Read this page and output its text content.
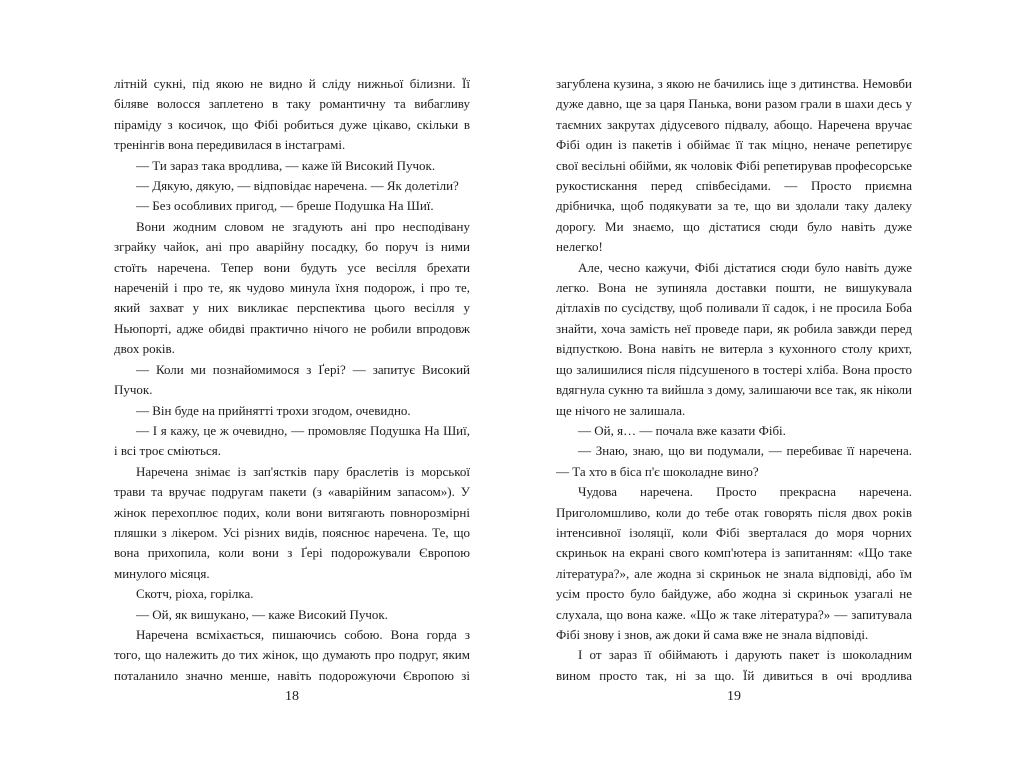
літній сукні, під якою не видно й сліду нижньої білизни. Її біляве волосся заплетено в таку романтичну та вибагливу піраміду з косичок, що Фібі робиться дуже цікаво, скільки в тренінгів вона передивилася в інстаграмі.

— Ти зараз така вродлива, — каже їй Високий Пучок.

— Дякую, дякую, — відповідає наречена. — Як долетіли?

— Без особливих пригод, — бреше Подушка На Шиї.

Вони жодним словом не згадують ані про несподівану зграйку чайок, ані про аварійну посадку, бо поруч із ними стоїть наречена. Тепер вони будуть усе весілля брехати нареченій і про те, як чудово минула їхня подорож, і про те, який захват у них викликає перспектива цього весілля у Ньюпорті, адже обидві практично нічого не робили впродовж двох років.

— Коли ми познайомимося з Ґері? — запитує Високий Пучок.

— Він буде на прийнятті трохи згодом, очевидно.

— І я кажу, це ж очевидно, — промовляє Подушка На Шиї, і всі троє сміються.

Наречена знімає із зап'ястків пару браслетів із морської трави та вручає подругам пакети (з «аварійним запасом»). У жінок перехоплює подих, коли вони витягають повнорозмірні пляшки з лікером. Усі різних видів, пояснює наречена. Те, що вона прихопила, коли вони з Ґері подорожували Європою минулого місяця.

Скотч, ріоха, горілка.

— Ой, як вишукано, — каже Високий Пучок.

Наречена всміхається, пишаючись собою. Вона горда з того, що належить до тих жінок, що думають про подруг, яким поталанило значно менше, навіть подорожуючи Європою зі

18

загублена кузина, з якою не бачились іще з дитинства. Немовби дуже давно, ще за царя Панька, вони разом грали в шахи десь у таємних закрутах дідусевого підвалу, абощо. Наречена вручає Фібі один із пакетів і обіймає її так міцно, неначе репетирує свої весільні обійми, як чоловік Фібі репетирував професорське рукостискання перед співбесідами. — Просто приємна дрібничка, щоб подякувати за те, що ви здолали таку далеку дорогу. Ми знаємо, що дістатися сюди було навіть дуже нелегко!

Але, чесно кажучи, Фібі дістатися сюди було навіть дуже легко. Вона не зупиняла доставки пошти, не вишукувала дітлахів по сусідству, щоб поливали її садок, і не просила Боба знайти, хоча замість неї проведе пари, як робила завжди перед відпусткою. Вона навіть не витерла з кухонного столу крихт, що залишилися після підсушеного в тостері хліба. Вона просто вдягнула сукню та вийшла з дому, залишаючи все так, як ніколи ще нічого не залишала.

— Ой, я… — почала вже казати Фібі.

— Знаю, знаю, що ви подумали, — перебиває її наречена. — Та хто в біса п'є шоколадне вино?

Чудова наречена. Просто прекрасна наречена. Приголомшливо, коли до тебе отак говорять після двох років інтенсивної ізоляції, коли Фібі зверталася до моря чорних скриньок на екрані свого комп'ютера із запитанням: «Що таке література?», але жодна зі скриньок не знала відповіді, або їм усім просто було байдуже, або жодна зі скриньок узагалі не слухала, що вона каже. «Що ж таке література?» — запитувала Фібі знову і знов, аж доки й сама вже не знала відповіді.

І от зараз її обіймають і дарують пакет із шоколадним вином просто так, ні за що. Їй дивиться в очі вродлива

19
